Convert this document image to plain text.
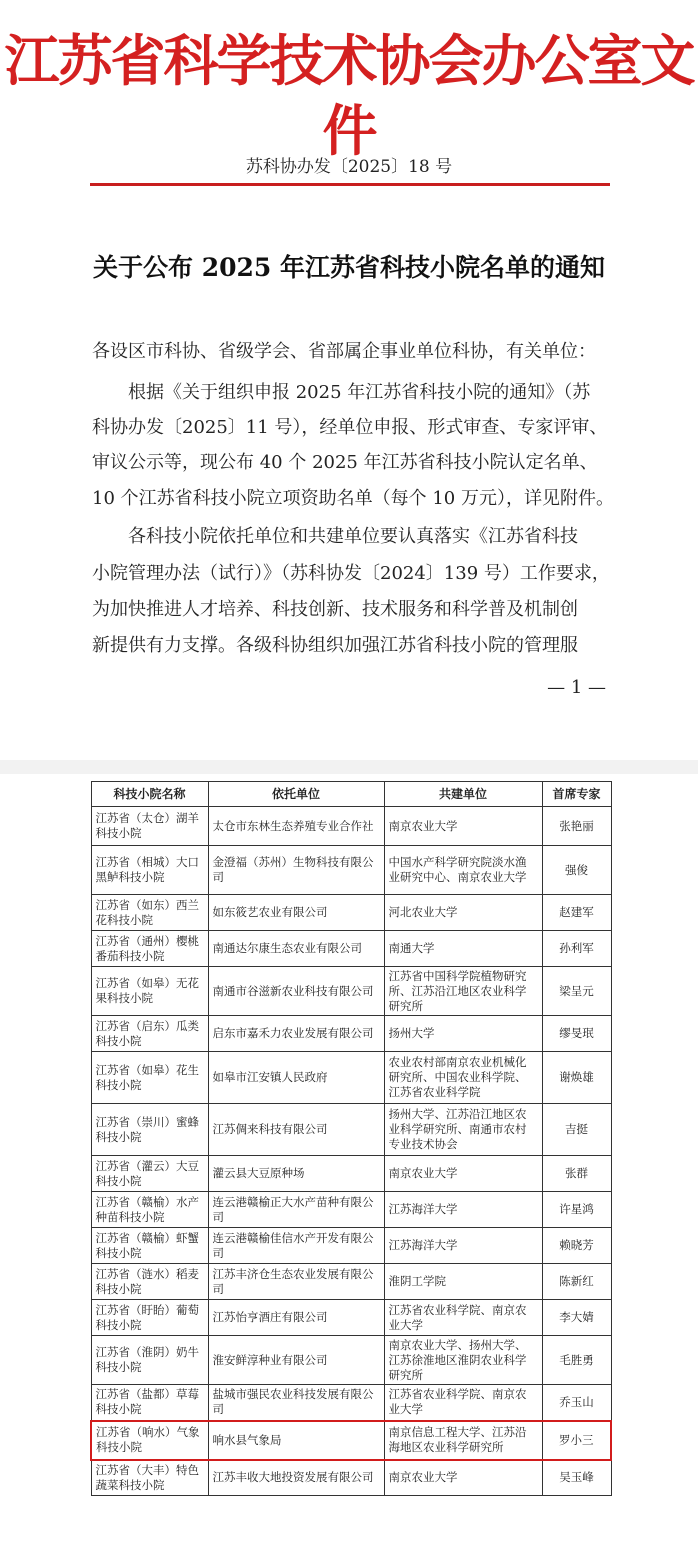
江苏省科学技术协会办公室文件
苏科协办发〔2025〕18 号
关于公布 2025 年江苏省科技小院名单的通知
各设区市科协、省级学会、省部属企事业单位科协，有关单位：
根据《关于组织申报 2025 年江苏省科技小院的通知》（苏
科协办发〔2025〕11 号），经单位申报、形式审查、专家评审、
审议公示等，现公布 40 个 2025 年江苏省科技小院认定名单、
10 个江苏省科技小院立项资助名单（每个 10 万元），详见附件。
各科技小院依托单位和共建单位要认真落实《江苏省科技
小院管理办法（试行）》（苏科协发〔2024〕139 号）工作要求，
为加快推进人才培养、科技创新、技术服务和科学普及机制创
新提供有力支撑。各级科协组织加强江苏省科技小院的管理服
— 1 —
科技小院名称	依托单位	共建单位	首席专家
江苏省（太仓）湖羊科技小院	太仓市东林生态养殖专业合作社	南京农业大学	张艳丽
江苏省（相城）大口黑鲈科技小院	金澄福（苏州）生物科技有限公司	中国水产科学研究院淡水渔业研究中心、南京农业大学	强俊
江苏省（如东）西兰花科技小院	如东筱艺农业有限公司	河北农业大学	赵建军
江苏省（通州）樱桃番茄科技小院	南通达尔康生态农业有限公司	南通大学	孙利军
江苏省（如皋）无花果科技小院	南通市谷滋新农业科技有限公司	江苏省中国科学院植物研究所、江苏沿江地区农业科学研究所	梁呈元
江苏省（启东）瓜类科技小院	启东市嘉禾力农业发展有限公司	扬州大学	缪旻珉
江苏省（如皋）花生科技小院	如皋市江安镇人民政府	农业农村部南京农业机械化研究所、中国农业科学院、江苏省农业科学院	谢焕雄
江苏省（崇川）蜜蜂科技小院	江苏倜来科技有限公司	扬州大学、江苏沿江地区农业科学研究所、南通市农村专业技术协会	吉挺
江苏省（灌云）大豆科技小院	灌云县大豆原种场	南京农业大学	张群
江苏省（赣榆）水产种苗科技小院	连云港赣榆正大水产苗种有限公司	江苏海洋大学	许星鸿
江苏省（赣榆）虾蟹科技小院	连云港赣榆佳信水产开发有限公司	江苏海洋大学	赖晓芳
江苏省（涟水）稻麦科技小院	江苏丰济仓生态农业发展有限公司	淮阴工学院	陈新红
江苏省（盱眙）葡萄科技小院	江苏怡亨酒庄有限公司	江苏省农业科学院、南京农业大学	李大婧
江苏省（淮阴）奶牛科技小院	淮安鲜淳种业有限公司	南京农业大学、扬州大学、江苏徐淮地区淮阴农业科学研究所	毛胜勇
江苏省（盐都）草莓科技小院	盐城市强民农业科技发展有限公司	江苏省农业科学院、南京农业大学	乔玉山
江苏省（响水）气象科技小院	响水县气象局	南京信息工程大学、江苏沿海地区农业科学研究所	罗小三
江苏省（大丰）特色蔬菜科技小院	江苏丰收大地投资发展有限公司	南京农业大学	吴玉峰
